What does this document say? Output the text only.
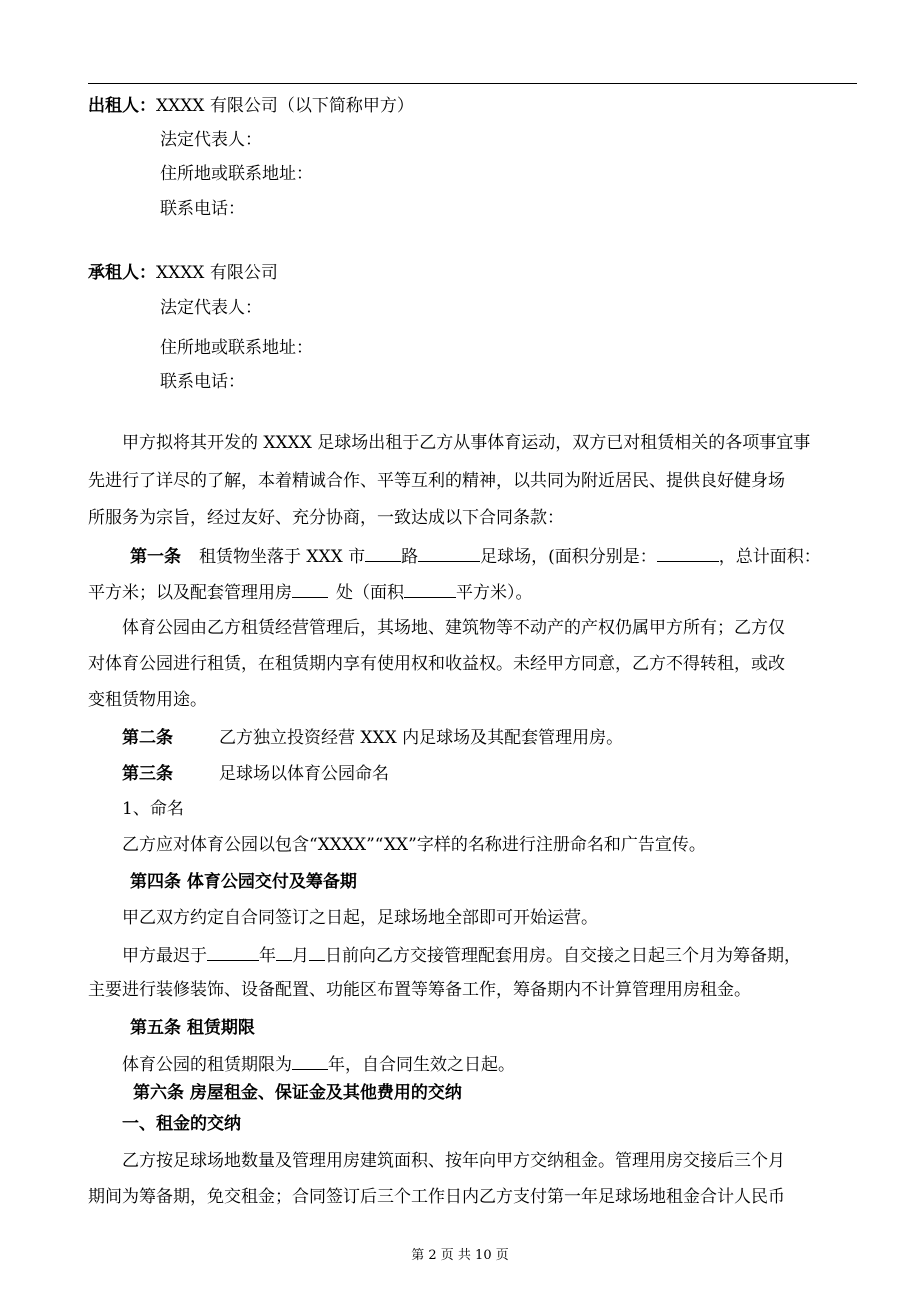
出租人：XXXX 有限公司（以下简称甲方）
法定代表人：
住所地或联系地址：
联系电话：
承租人：XXXX 有限公司
法定代表人：
住所地或联系地址：
联系电话：
甲方拟将其开发的 XXXX 足球场出租于乙方从事体育运动，双方已对租赁相关的各项事宜事
先进行了详尽的了解，本着精诚合作、平等互利的精神，以共同为附近居民、提供良好健身场
所服务为宗旨，经过友好、充分协商，一致达成以下合同条款：
第一条 租赁物坐落于 XXX 市 路	足球场，(面积分别是：	，总计面积：
平方米；以及配套管理用房	处（面积	平方米）。
体育公园由乙方租赁经营管理后，其场地、建筑物等不动产的产权仍属甲方所有；乙方仅
对体育公园进行租赁，在租赁期内享有使用权和收益权。未经甲方同意，乙方不得转租，或改
变租赁物用途。
第二条	乙方独立投资经营 XXX 内足球场及其配套管理用房。
第三条	足球场以体育公园命名
1、命名
乙方应对体育公园以包含“XXXX”“XX”字样的名称进行注册命名和广告宣传。
第四条 体育公园交付及筹备期
甲乙双方约定自合同签订之日起，足球场地全部即可开始运营。
甲方最迟于	年 月 日前向乙方交接管理配套用房。自交接之日起三个月为筹备期，
主要进行装修装饰、设备配置、功能区布置等筹备工作，筹备期内不计算管理用房租金。
第五条 租赁期限
体育公园的租赁期限为 年，自合同生效之日起。
第六条 房屋租金、保证金及其他费用的交纳
一、租金的交纳
乙方按足球场地数量及管理用房建筑面积、按年向甲方交纳租金。管理用房交接后三个月
期间为筹备期，免交租金；合同签订后三个工作日内乙方支付第一年足球场地租金合计人民币
第 2 页 共 10 页
